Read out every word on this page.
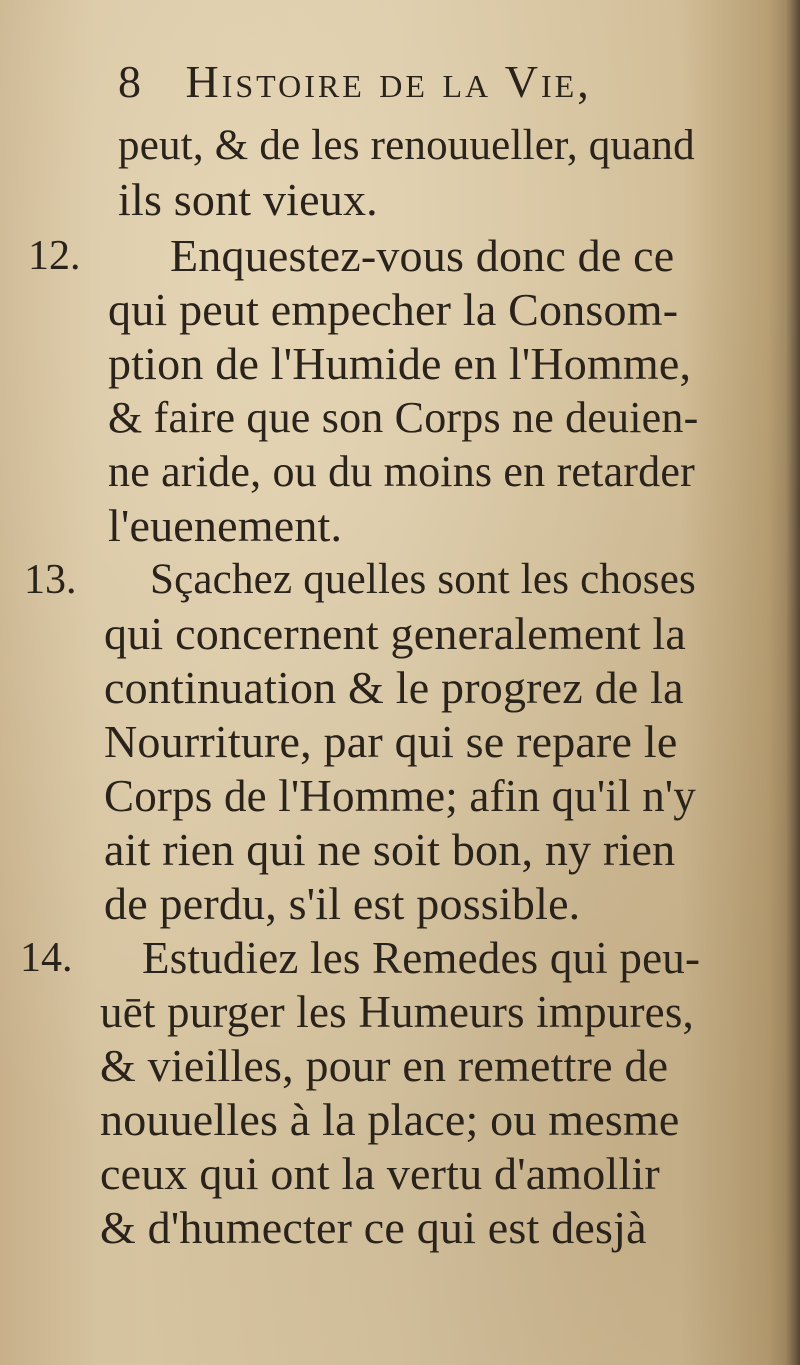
8 Histoire de la Vie,
peut, & de les renouueller, quand
ils sont vieux.
12. Enquestez-vous donc de ce
qui peut empecher la Consom-
ption de l'Humide en l'Homme,
& faire que son Corps ne deuien-
ne aride, ou du moins en retarder
l'euenement.
13. Sçachez quelles sont les choses
qui concernent generalement la
continuation & le progrez de la
Nourriture, par qui se repare le
Corps de l'Homme; afin qu'il n'y
ait rien qui ne soit bon, ny rien
de perdu, s'il est possible.
14. Estudiez les Remedes qui peu-
uēt purger les Humeurs impures,
& vieilles, pour en remettre de
nouuelles à la place; ou mesme
ceux qui ont la vertu d'amollir
& d'humecter ce qui est desjà
